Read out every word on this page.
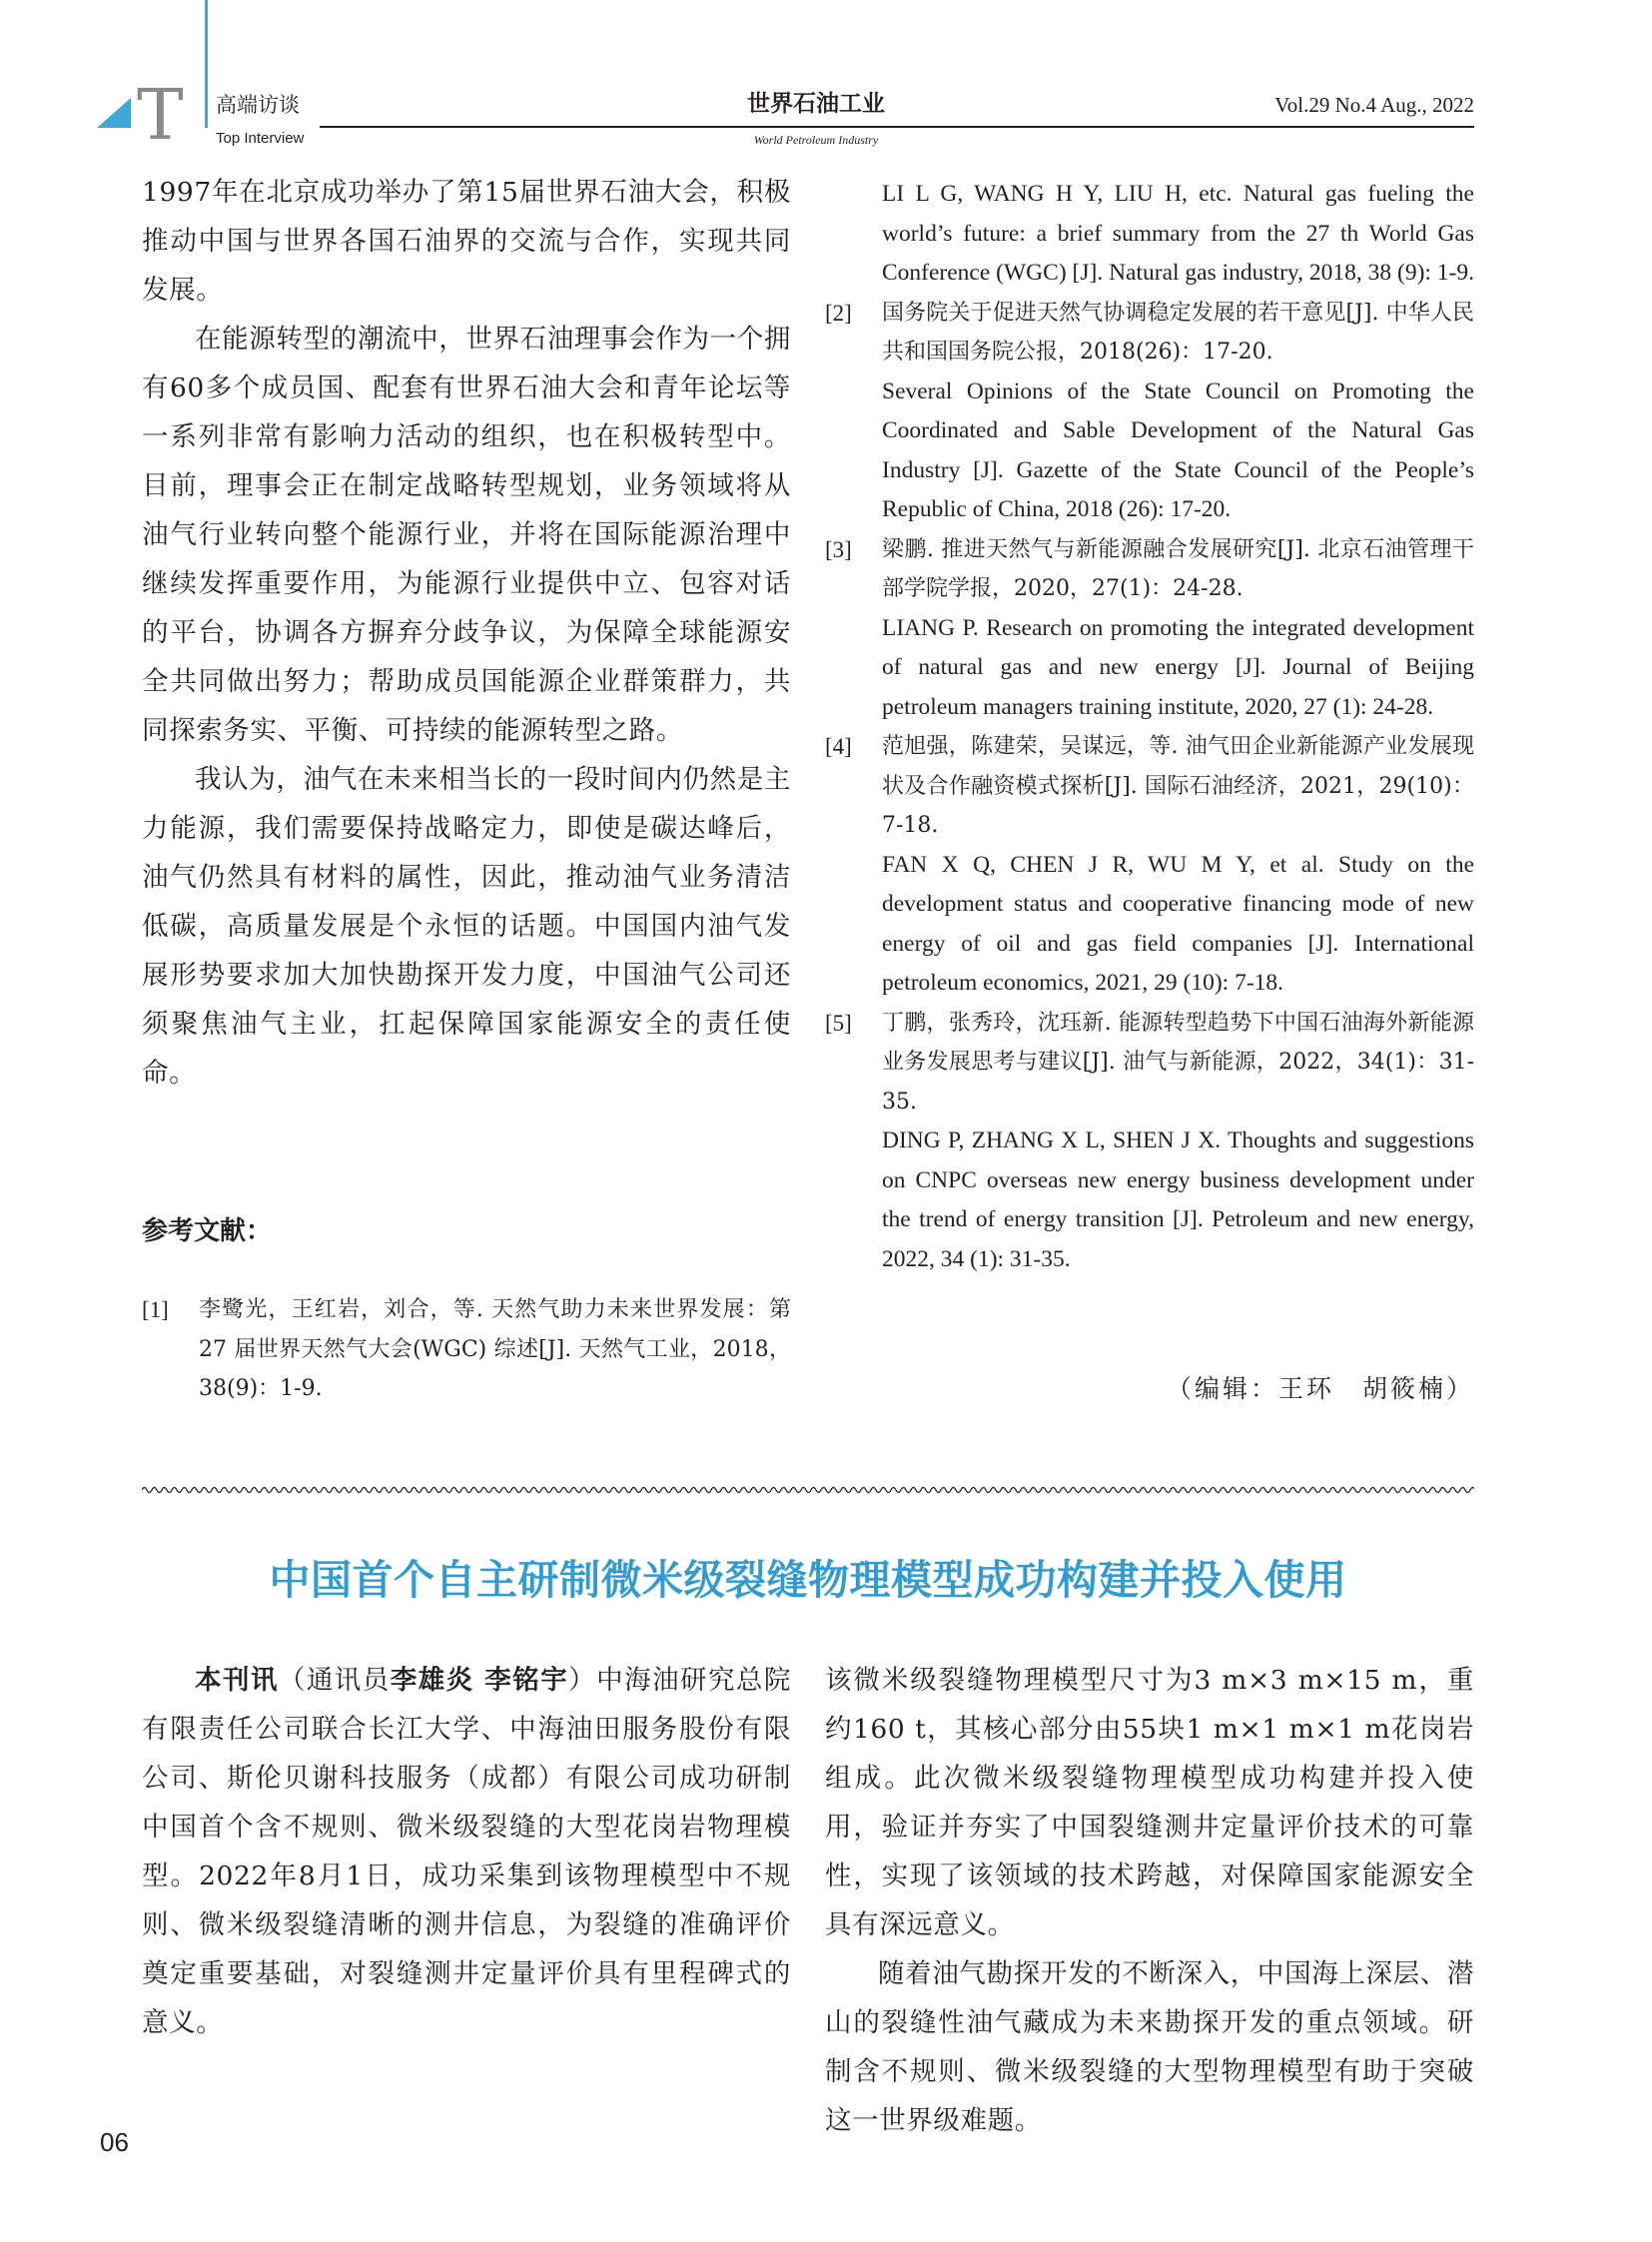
T 高端访谈
Top Interview
世界石油工业
World Petroleum Industry
Vol.29 No.4 Aug., 2022

1997年在北京成功举办了第15届世界石油大会，积极推动中国与世界各国石油界的交流与合作，实现共同发展。

在能源转型的潮流中，世界石油理事会作为一个拥有60多个成员国、配套有世界石油大会和青年论坛等一系列非常有影响力活动的组织，也在积极转型中。目前，理事会正在制定战略转型规划，业务领域将从油气行业转向整个能源行业，并将在国际能源治理中继续发挥重要作用，为能源行业提供中立、包容对话的平台，协调各方摒弃分歧争议，为保障全球能源安全共同做出努力；帮助成员国能源企业群策群力，共同探索务实、平衡、可持续的能源转型之路。

我认为，油气在未来相当长的一段时间内仍然是主力能源，我们需要保持战略定力，即使是碳达峰后，油气仍然具有材料的属性，因此，推动油气业务清洁低碳，高质量发展是个永恒的话题。中国国内油气发展形势要求加大加快勘探开发力度，中国油气公司还须聚焦油气主业，扛起保障国家能源安全的责任使命。

参考文献：
[1]	李鹭光，王红岩，刘合，等. 天然气助力未来世界发展：第 27 届世界天然气大会(WGC) 综述[J]. 天然气工业，2018，38(9)：1-9.

LI L G, WANG H Y, LIU H, etc. Natural gas fueling the world’s future: a brief summary from the 27 th World Gas Conference (WGC) [J]. Natural gas industry, 2018, 38 (9): 1-9.

[2]	国务院关于促进天然气协调稳定发展的若干意见[J]. 中华人民共和国国务院公报，2018(26)：17-20.

Several Opinions of the State Council on Promoting the Coordinated and Sable Development of the Natural Gas Industry [J]. Gazette of the State Council of the People’s Republic of China, 2018 (26): 17-20.

[3]	梁鹏. 推进天然气与新能源融合发展研究[J]. 北京石油管理干部学院学报，2020，27(1)：24-28.

LIANG P. Research on promoting the integrated development of natural gas and new energy [J]. Journal of Beijing petroleum managers training institute, 2020, 27 (1): 24-28.

[4]	范旭强，陈建荣，吴谋远，等. 油气田企业新能源产业发展现状及合作融资模式探析[J]. 国际石油经济，2021，29(10)：7-18.

FAN X Q, CHEN J R, WU M Y, et al. Study on the development status and cooperative financing mode of new energy of oil and gas field companies [J]. International petroleum economics, 2021, 29 (10): 7-18.

[5]	丁鹏，张秀玲，沈珏新. 能源转型趋势下中国石油海外新能源业务发展思考与建议[J]. 油气与新能源，2022，34(1)：31-35.

DING P, ZHANG X L, SHEN J X. Thoughts and suggestions on CNPC overseas new energy business development under the trend of energy transition [J]. Petroleum and new energy, 2022, 34 (1): 31-35.

（编辑：王环　胡筱楠）
中国首个自主研制微米级裂缝物理模型成功构建并投入使用

本刊讯（通讯员李雄炎 李铭宇）中海油研究总院有限责任公司联合长江大学、中海油田服务股份有限公司、斯伦贝谢科技服务（成都）有限公司成功研制中国首个含不规则、微米级裂缝的大型花岗岩物理模型。2022年8月1日，成功采集到该物理模型中不规则、微米级裂缝清晰的测井信息，为裂缝的准确评价奠定重要基础，对裂缝测井定量评价具有里程碑式的意义。

该微米级裂缝物理模型尺寸为3 m×3 m×15 m，重约160 t，其核心部分由55块1 m×1 m×1 m花岗岩组成。此次微米级裂缝物理模型成功构建并投入使用，验证并夯实了中国裂缝测井定量评价技术的可靠性，实现了该领域的技术跨越，对保障国家能源安全具有深远意义。

随着油气勘探开发的不断深入，中国海上深层、潜山的裂缝性油气藏成为未来勘探开发的重点领域。研制含不规则、微米级裂缝的大型物理模型有助于突破这一世界级难题。

06
